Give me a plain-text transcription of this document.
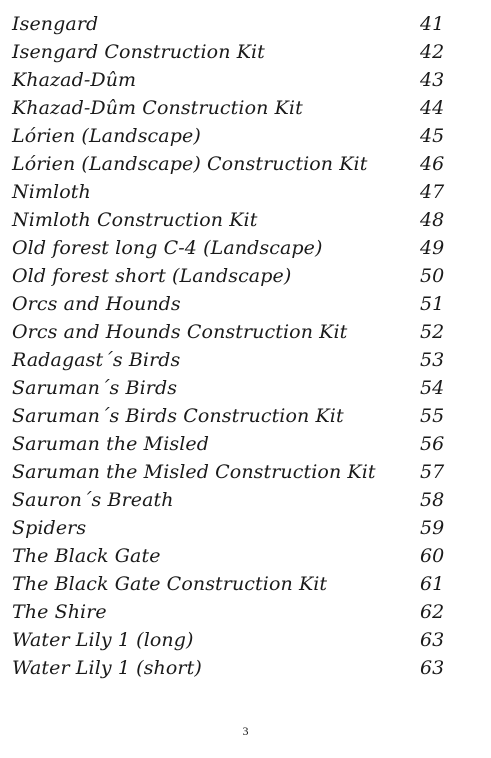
Isengard	41
Isengard Construction Kit	42
Khazad-Dûm	43
Khazad-Dûm Construction Kit	44
Lórien (Landscape)	45
Lórien (Landscape) Construction Kit	46
Nimloth	47
Nimloth Construction Kit	48
Old forest long C-4 (Landscape)	49
Old forest short (Landscape)	50
Orcs and Hounds	51
Orcs and Hounds Construction Kit	52
Radagast´s Birds	53
Saruman´s Birds	54
Saruman´s Birds Construction Kit	55
Saruman the Misled	56
Saruman the Misled Construction Kit 57
Sauron´s Breath	58
Spiders	59
The Black Gate	60
The Black Gate Construction Kit	61
The Shire	62
Water Lily 1 (long)	63
Water Lily 1 (short)	63
3
